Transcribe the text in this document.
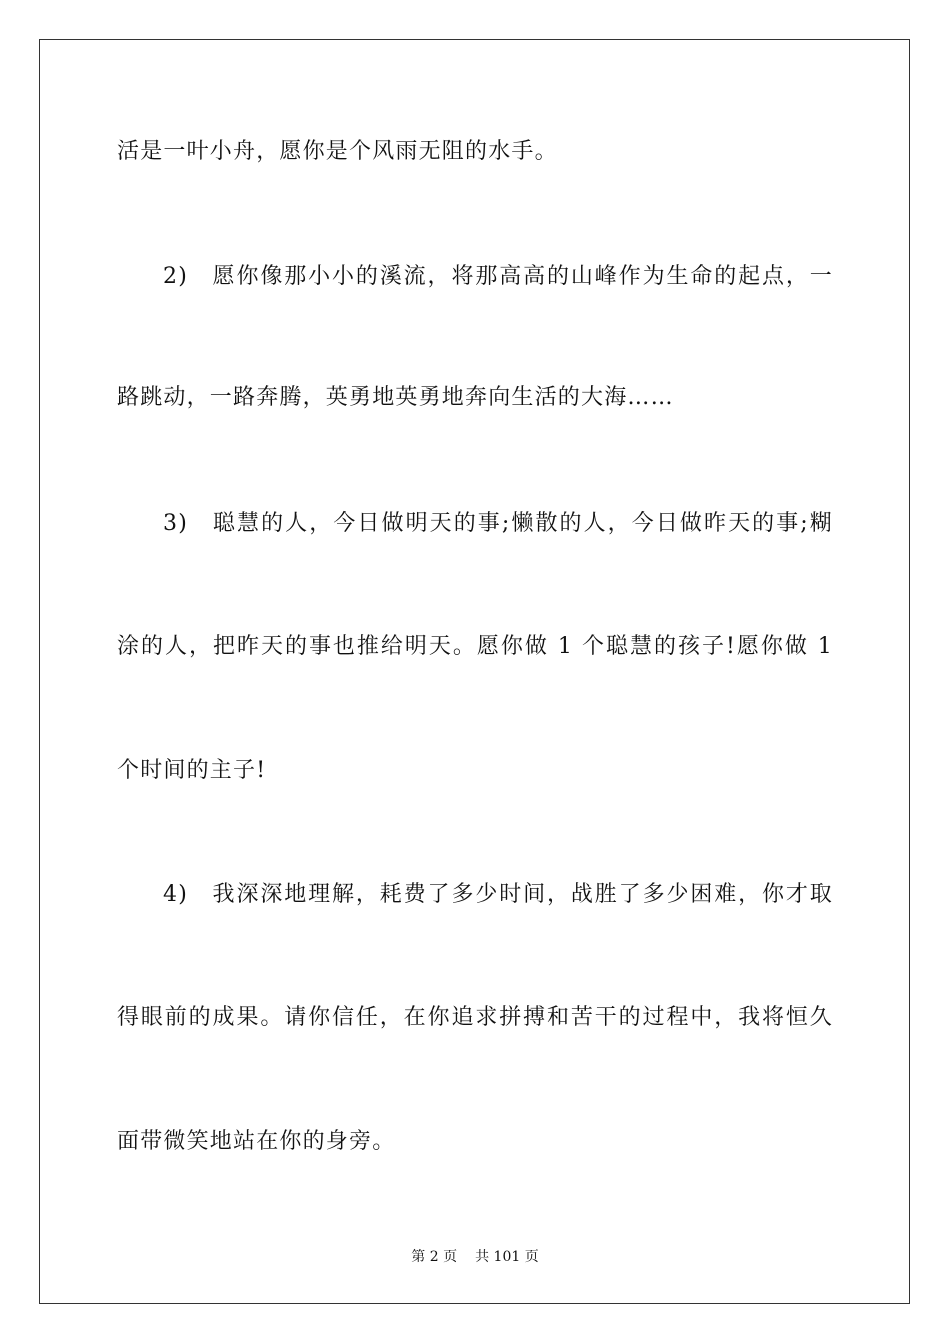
活是一叶小舟，愿你是个风雨无阻的水手。
2)　愿你像那小小的溪流，将那高高的山峰作为生命的起点，一
路跳动，一路奔腾，英勇地英勇地奔向生活的大海……
3)　聪慧的人，今日做明天的事;懒散的人，今日做昨天的事;糊
涂的人，把昨天的事也推给明天。愿你做 1 个聪慧的孩子!愿你做 1
个时间的主子!
4)　我深深地理解，耗费了多少时间，战胜了多少困难，你才取
得眼前的成果。请你信任，在你追求拼搏和苦干的过程中，我将恒久
面带微笑地站在你的身旁。
第 2 页 共 101 页
